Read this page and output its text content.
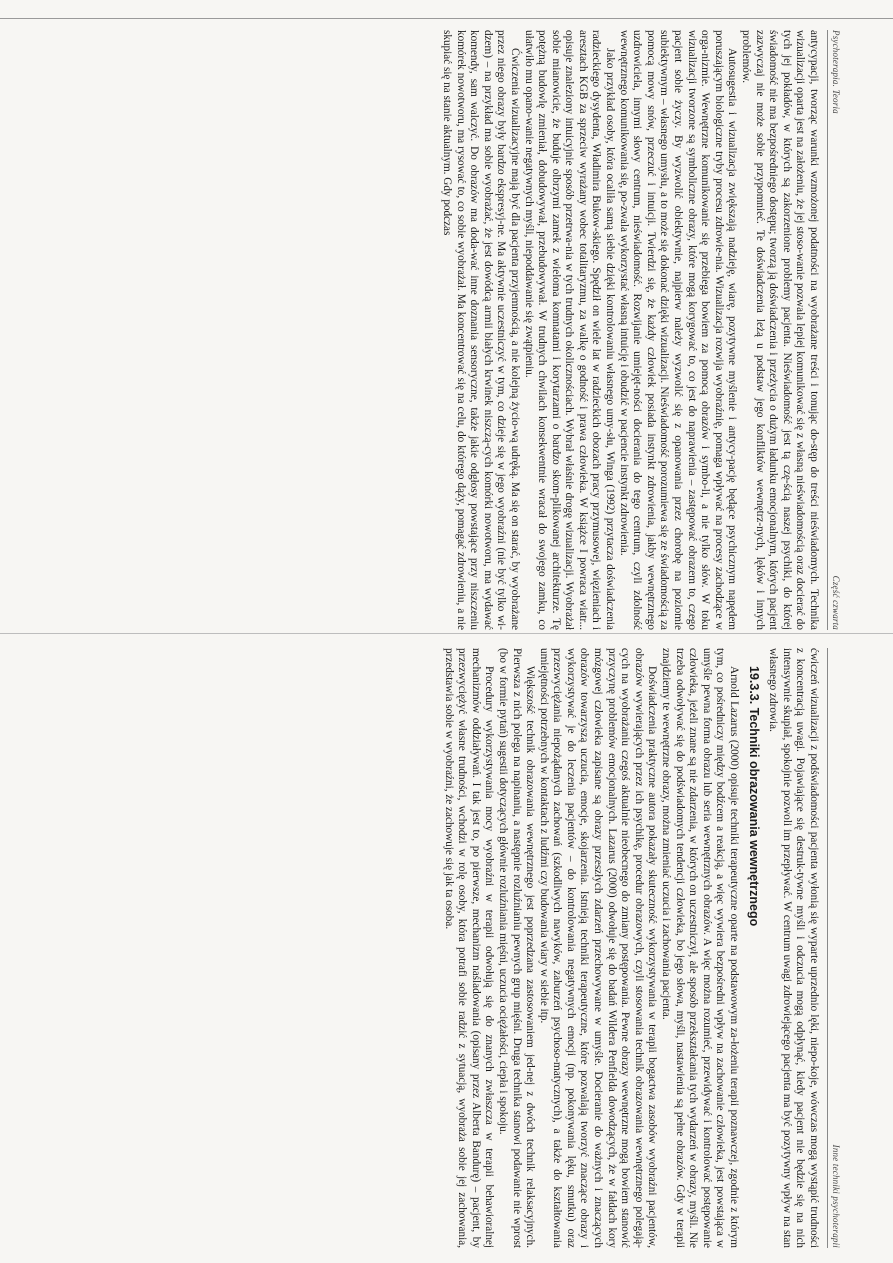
Psychoterapia. Teoria
Część czwarta

antycypacji, tworząc warunki wzmożonej podatności na wyobrażane treści i tonując do-stęp do treści nieświadomych. Technika wizualizacji oparta jest na założeniu, że jej stoso-wanie pozwala lepiej komunikować się z własną nieświadomością oraz docierać do tych jej pokładów, w których są zakorzenione problemy pacjenta. Nieświadomość jest tą czę-ścią naszej psychiki, do której świadomość nie ma bezpośredniego dostępu; tworzą ją doświadczenia i przeżycia o dużym ładunku emocjonalnym, których pacjent zazwyczaj nie może sobie przypomnieć. Te doświadczenia leżą u podstaw jego konfliktów wewnętrz-nych, lęków i innych problemów.

Autosugestia i wizualizacja zwiększają nadzieję, wiarę, pozytywne myślenie i antycy-pację będące psychicznym napędem poruszającym biologiczne tryby procesu zdrowie-nia. Wizualizacja rozwija wyobraźnię, pomaga wpływać na procesy zachodzące w orga-nizmie. Wewnętrzne komunikowanie się przebiega bowiem za pomocą obrazów i symbo-li, a nie tylko słów. W toku wizualizacji tworzone są symboliczne obrazy, które mogą korygować to, co jest do naprawienia – zastępować obrazem to, czego pacjent sobie życzy. By wyzwolić obiektywnie, najpierw należy wyzwolić się z opanowania przez chorobę na poziomie subiektywnym – własnego umysłu, a to może się dokonać dzięki wizualizacji. Nieświadomość porozumiewa się ze świadomością za pomocą mowy snów, przeczuć i intuicji. Twierdzi się, że każdy człowiek posiada instynkt zdrowienia, jakby wewnętrznego uzdrowiciela, innymi słowy centrum, nieświadomość. Rozwijanie umiejęt-ności docierania do tego centrum, czyli zdolność wewnętrznego komunikowania się, po-zwala wykorzystać własną intuicję i obudzić w pacjencie instynkt zdrowienia.

Jako przykład osoby, która ocaliła samą siebie dzięki kontrolowaniu własnego umy-słu, Winga (1992) przytacza doświadczenia radzieckiego dysydenta, Władimira Bukow-skiego. Spędził on wiele lat w radzieckich obozach pracy przymusowej, więzieniach i aresztach KGB za sprzeciw wyrażany wobec totalitaryzmu, za walkę o godność i prawa człowieka. W książce I powraca wiatr... opisuje znaleziony intuicyjnie sposób przetrwa-nia w tych trudnych okolicznościach. Wybrał właśnie drogę wizualizacji. Wyobrażał sobie mianowicie, że buduje olbrzymi zamek z wieloma komnatami i korytarzami o bardzo skom-plikowanej architekturze. Tę potężną budowlę zmieniał, dobudowywał, przebudowywał. W trudnych chwilach konsekwentnie wracał do swojego zamku, co ułatwiło mu opano-wanie negatywnych myśli, niepoddawanie się zwątpieniu.

Ćwiczenia wizualizacyjne mają być dla pacjenta przyjemnością, a nie kolejną życio-wą udręką. Ma się on starać, by wyobrażane przez niego obrazy były bardzo ekspresyj-ne. Ma aktywnie uczestniczyć w tym, co dzieje się w jego wyobraźni (nie być tylko wi-dzem) – na przykład ma sobie wyobrażać, że jest dowódcą armii białych krwinek niszczą-cych komórki nowotworu, ma wydawać komendy, sam walczyć. Do obrazów ma doda-wać inne doznania sensoryczne, także jakie odgłosy powstające przy niszczeniu komórek nowotworu, ma rysować to, co sobie wyobrażał. Ma koncentrować się na celu, do którego dąży, pomagać zdrowieniu, a nie skupiać się na stanie aktualnym. Gdy podczas

Inne techniki psychoterapii

ćwiczeń wizualizacji z podświadomości pacjenta wyłonią się wyparte uprzednio lęki, niepo-koje, wówczas mogą wystąpić trudności z koncentracją uwagi. Pojawiające się destruk-tywne myśli i odczucia mogą odpłynąć, kiedy pacjent nie będzie się na nich intensywnie skupiał, spokojnie pozwoli im przepływać. W centrum uwagi zdrowiejącego pacjenta ma być pozytywny wpływ na stan własnego zdrowia.

19.3.3. Techniki obrazowania wewnętrznego

Arnold Lazarus (2000) opisuje techniki terapeutyczne oparte na podstawowym za-łożeniu terapii poznawczej, zgodnie z którym tym, co pośredniczy między bodźcem a reakcją, a więc wywiera bezpośredni wpływ na zachowanie człowieka, jest powstająca w umyśle pewna forma obrazu lub seria wewnętrznych obrazów. A więc można rozumieć, przewidywać i kontrolować postępowanie człowieka, jeżeli znane są nie zdarzenia, w których on uczestniczył, ale sposób przekształcania tych wydarzeń w obrazy, myśli. Nie trzeba odwoływać się do podświadomych tendencji człowieka, bo jego słowa, myśli, nastawienia są pełne obrazów. Gdy w terapii znajdziemy te wewnętrzne obrazy, można zmieniać uczucia i zachowania pacjenta.

Doświadczenia praktyczne autora pokazały skuteczność wykorzystywania w terapii bogactwa zasobów wyobraźni pacjentów, obrazów wywierających przez ich psychikę, procedur obrazowych, czyli stosowania technik obrazowania wewnętrznego polegają-cych na wyobrażaniu czegoś aktualnie nieobecnego do zmiany postępowania. Pewne obrazy wewnętrzne mogą bowiem stanowić przyczynę problemów emocjonalnych. Lazarus (2000) odwołuje się do badań Wildera Penfielda dowodzących, że w fałdach kory mózgowej człowieka zapisane są obrazy przeszłych zdarzeń przechowywane w umyśle. Docieranie do ważnych i znaczących obrazów towarzyszą uczucia, emocje, skojarzenia. Istnieją techniki terapeutyczne, które pozwalają tworzyć znaczące obrazy i wykorzystywać je do leczenia pacjentów – do kontrolowania negatywnych emocji (np. pokonywania lęku, smutku) oraz przezwyciężania niepożądanych zachowań (szkodliwych nawyków, zaburzeń psychoso-matycznych), a także do kształtowania umiejętności potrzebnych w kontaktach z ludźmi czy budowania wiary w siebie itp.

Większość technik obrazowania wewnętrznego jest poprzedzana zastosowaniem jed-nej z dwóch technik relaksacyjnych. Pierwsza z nich polega na napinaniu, a następnie rozluźnianiu pewnych grup mięśni. Druga technika stanowi podawanie nie wprost (bo w formie pytań) sugestii dotyczących głównie rozluźniania mięśni, uczucia ociężałości, ciepła i spokoju.

Procedury wykorzystywania mocy wyobraźni w terapii odwołują się do znanych zwłaszcza w terapii behawioralnej mechanizmów oddziaływań. I tak jest to, po pierwsze, mechanizm naśladowania (opisany przez Alberta Bandurę) – pacjent, by przezwyciężyć własne trudności, wchodzi w rolę osoby, która potrafi sobie radzić z sytuacją, wyobraża sobie jej zachowania, przedstawia sobie w wyobraźni, że zachowuje się jak ta osoba.
